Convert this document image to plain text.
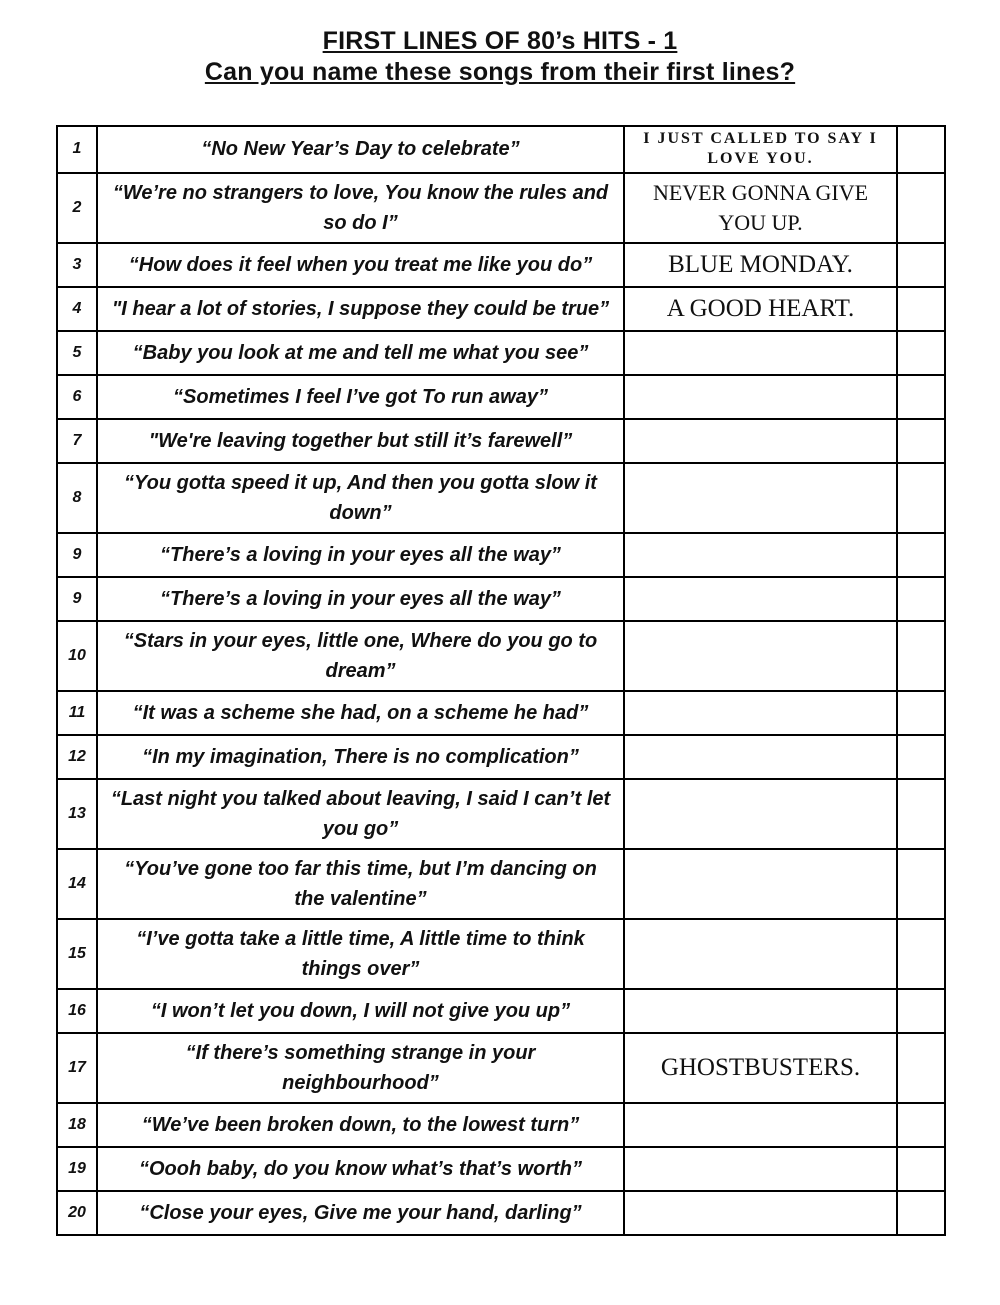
FIRST LINES OF 80’s HITS - 1
Can you name these songs from their first lines?
1	“No New Year’s Day to celebrate”	I JUST CALLED TO SAY I LOVE YOU.	
2	“We’re no strangers to love, You know the rules and so do I”	NEVER GONNA GIVE YOU UP.	
3	“How does it feel when you treat me like you do”	BLUE MONDAY.	
4	"I hear a lot of stories, I suppose they could be true”	A GOOD HEART.	
5	“Baby you look at me and tell me what you see”		
6	“Sometimes I feel I’ve got To run away”		
7	"We're leaving together but still it’s farewell”		
8	“You gotta speed it up, And then you gotta slow it down”		
9	“There’s a loving in your eyes all the way”		
9	“There’s a loving in your eyes all the way”		
10	“Stars in your eyes, little one, Where do you go to dream”		
11	“It was a scheme she had, on a scheme he had”		
12	“In my imagination, There is no complication”		
13	“Last night you talked about leaving, I said I can’t let you go”		
14	“You’ve gone too far this time, but I’m dancing on the valentine”		
15	“I’ve gotta take a little time, A little time to think things over”		
16	“I won’t let you down, I will not give you up”		
17	“If there’s something strange in your neighbourhood”	GHOSTBUSTERS.	
18	“We’ve been broken down, to the lowest turn”		
19	“Oooh baby, do you know what’s that’s worth”		
20	“Close your eyes, Give me your hand, darling”		
